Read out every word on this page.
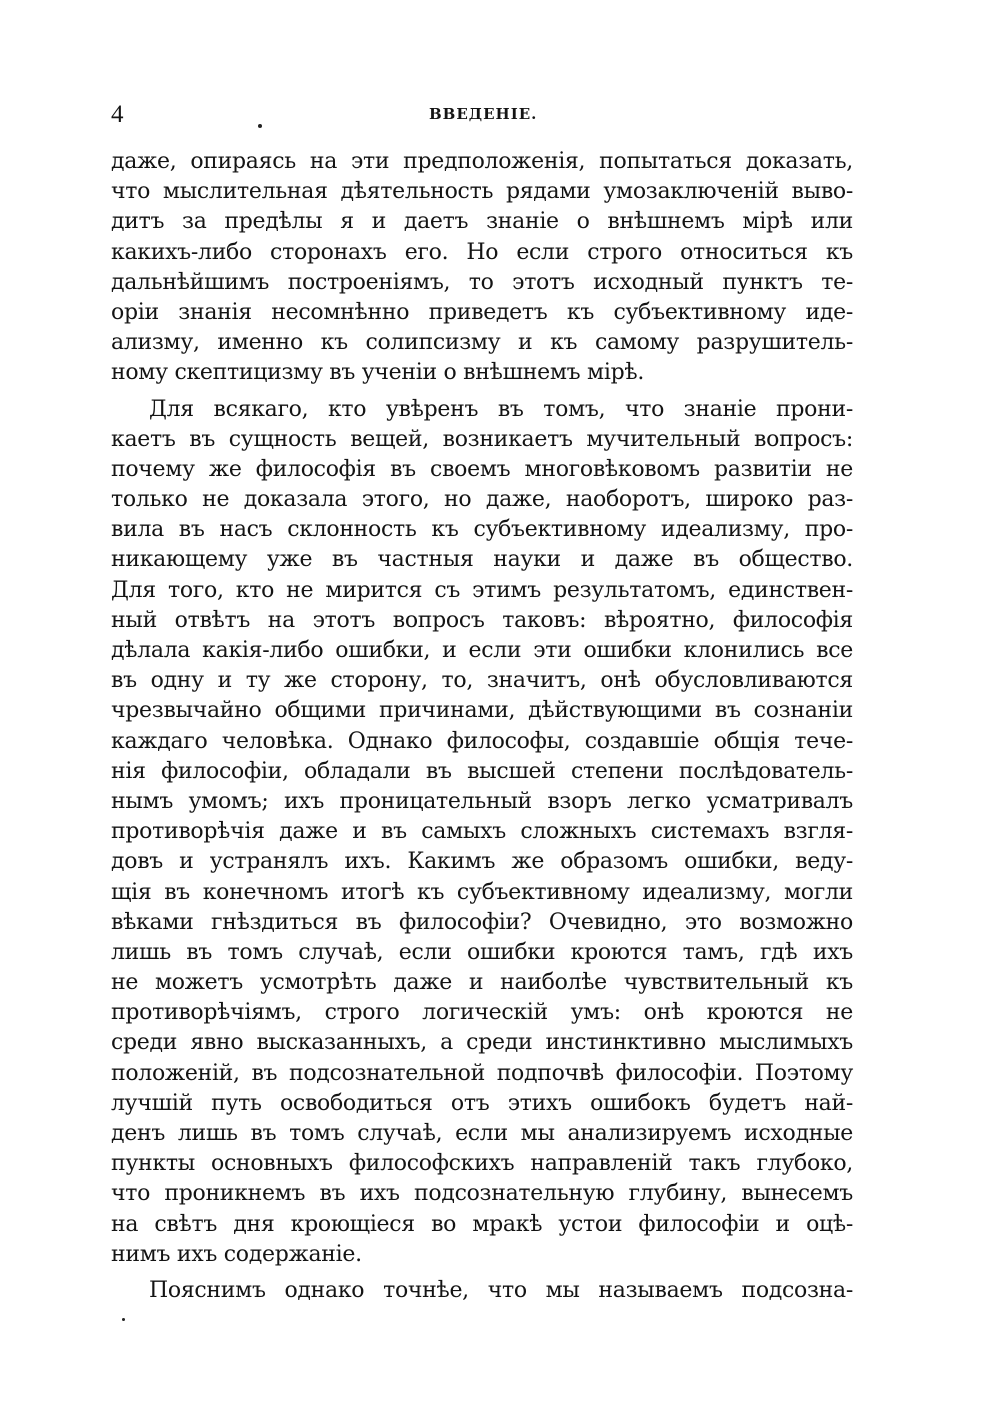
4	ВВЕДЕНІЕ.
даже, опираясь на эти предположенія, попытаться доказать,
что мыслительная дѣятельность рядами умозаключеній выво-
дитъ за предѣлы я и даетъ знаніе о внѣшнемъ мірѣ или
какихъ-либо сторонахъ его. Но если строго относиться къ
дальнѣйшимъ построеніямъ, то этотъ исходный пунктъ те-
оріи знанія несомнѣнно приведетъ къ субъективному иде-
ализму, именно къ солипсизму и къ самому разрушитель-
ному скептицизму въ ученіи о внѣшнемъ мірѣ.
Для всякаго, кто увѣренъ въ томъ, что знаніе прони-
каетъ въ сущность вещей, возникаетъ мучительный вопросъ:
почему же философія въ своемъ многовѣковомъ развитіи не
только не доказала этого, но даже, наоборотъ, широко раз-
вила въ насъ склонность къ субъективному идеализму, про-
никающему уже въ частныя науки и даже въ общество.
Для того, кто не мирится съ этимъ результатомъ, единствен-
ный отвѣтъ на этотъ вопросъ таковъ: вѣроятно, философія
дѣлала какія-либо ошибки, и если эти ошибки клонились все
въ одну и ту же сторону, то, значитъ, онѣ обусловливаются
чрезвычайно общими причинами, дѣйствующими въ сознаніи
каждаго человѣка. Однако философы, создавшіе общія тече-
нія философіи, обладали въ высшей степени послѣдователь-
нымъ умомъ; ихъ проницательный взоръ легко усматривалъ
противорѣчія даже и въ самыхъ сложныхъ системахъ взгля-
довъ и устранялъ ихъ. Какимъ же образомъ ошибки, веду-
щія въ конечномъ итогѣ къ субъективному идеализму, могли
вѣками гнѣздиться въ философіи? Очевидно, это возможно
лишь въ томъ случаѣ, если ошибки кроются тамъ, гдѣ ихъ
не можетъ усмотрѣть даже и наиболѣе чувствительный къ
противорѣчіямъ, строго логическій умъ: онѣ кроются не
среди явно высказанныхъ, а среди инстинктивно мыслимыхъ
положеній, въ подсознательной подпочвѣ философіи. Поэтому
лучшій путь освободиться отъ этихъ ошибокъ будетъ най-
денъ лишь въ томъ случаѣ, если мы анализируемъ исходные
пункты основныхъ философскихъ направленій такъ глубоко,
что проникнемъ въ ихъ подсознательную глубину, вынесемъ
на свѣтъ дня кроющіеся во мракѣ устои философіи и оцѣ-
нимъ ихъ содержаніе.
Пояснимъ однако точнѣе, что мы называемъ подсозна-
